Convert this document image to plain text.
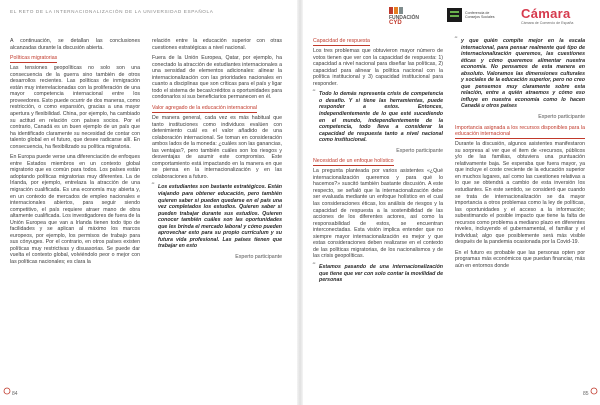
EL RETO DE LA INTERNACIONALIZACIÓN DE LA UNIVERSIDAD ESPAÑOLA

A continuación, se detallan las conclusiones alcanzadas durante la discusión abierta.

Políticas migratorias

Las tensiones geopolíticas no solo son una consecuencia de la guerra sino también de otros desarrollos recientes. Las políticas de inmigración están muy interrelacionadas con la proliferación de una mayor competencia internacional entre los proveedores. Esto puede ocurrir de dos maneras, como restricción, o como expansión, gracias a una mayor apertura y flexibilidad. China, por ejemplo, ha cambiado su actitud en relación con países socios. Por el contrario, Canadá es un buen ejemplo de un país que ha identificado claramente su necesidad de contar con talento global en el futuro, que desee radicarse allí. En consecuencia, ha flexibilizado su política migratoria.

En Europa puede verse una diferenciación de enfoques entre Estados miembros en un contexto global migratorio que es común para todos. Los países están adoptando políticas migratorias muy diferentes. La de Irlanda, por ejemplo, entrelaza la atracción de una migración cualificada. Es una economía muy abierta y, en un contexto de mercados de empleo nacionales e internacionales abiertos, para seguir siendo competitivo, el país requiere atraer mano de obra altamente cualificada. Los investigadores de fuera de la Unión Europea que van a Irlanda tienen todo tipo de facilidades y se aplican al máximo los marcos europeos, por ejemplo, los permisos de trabajo para sus cónyuges. Por el contrario, en otros países existen políticas muy restrictivas y disuasorias. Se puede dar vuelta el contexto global, volviéndolo peor o mejor con las políticas nacionales; es clara la

relación entre la educación superior con otras cuestiones estratégicas a nivel nacional.

Fuera de la Unión Europea, Qatar, por ejemplo, ha conectado la atracción de estudiantes internacionales a una sensidad de elementos adicionales: alinear la internacionalización con las prioridades nacionales en cuanto a disciplinas que son críticas para el país y ligar todo el sistema de becas/créditos a oportunidades para condonarlos si sus beneficiarios permanecen en él.

Valor agregado de la educación internacional

De manera general, cada vez es más habitual que tanto instituciones como individuos evalúen con detenimiento cuál es el valor añadido de una colaboración internacional. Se toman en consideración ambos lados de la moneda: ¿cuáles son las ganancias, las ventajas?, pero también cuáles son los riesgos y desventajas de asumir este compromiso. Este comportamiento está impactando en la manera en que se piensa en la internacionalización y en las colaboraciones a futuro.

“ Los estudiantes son bastante estratégicos. Están viajando para obtener educación, pero también quieren saber si pueden quedarse en el país una vez completados los estudios. Quieren saber si pueden trabajar durante sus estudios. Quieren conocer también cuáles son las oportunidades que les brinda el mercado laboral y cómo pueden aprovechar esto para su propio currículum y su futura vida profesional. Las países tienen que trabajar en esto

Experto participante

84
FUNDACIÓN
CYD
Conferencia de Consejos Sociales	Cámara
Cámara de Comercio de España
Capacidad de respuesta

Los tres problemas que obtuvieron mayor número de votos tienen que ver con la capacidad de respuesta: 1) capacidad a nivel nacional para diseñar las políticas, 2) capacidad para alinear la política nacional con la política institucional y 3) capacidad institucional para responder.

“ Todo lo demás representa crisis de competencia o desafío. Y si tiene las herramientas, puede responder a estos. Entonces, independientemente de lo que esté sucediendo en el mundo, independientemente de la competencia, todo lleva a considerar la capacidad de respuesta tanto a nivel nacional como institucional.

Experto participante

Necesidad de un enfoque holístico

La pregunta planteada por varios asistentes «¿Qué internacionalización queremos y para qué lo hacemos?» suscitó también bastante discusión. A este respecto, se señaló que la internacionalización debe ser evaluada mediante un enfoque holístico en el cual las consideraciones éticas, los análisis de riesgos y la capacidad de respuesta a la sostenibilidad de las acciones de los diferentes actores, así como la responsabilidad de estos, se encuentran interconectadas. Esta visión implica entender que no siempre mayor internacionalización es mejor y que estas consideraciones deben realizarse en el contexto de las políticas migratorias, de los nacionalismos y de las crisis geopolíticas.

“ Estamos pasando de una internacionalización que tiene que ver con solo contar la movilidad de personas

“ y que quién compite mejor en la escala internacional, para pensar realmente qué tipo de internacionalización queremos, las cuestiones éticas y cómo queremos alimentar nuestra economía. No pensamos de esta manera en absoluto. Valoramos las dimensiones culturales y sociales de la educación superior, pero no creo que pensemos muy claramente sobre esta relación, entre a quién atraemos y cómo eso influye en nuestra economía como lo hacen Canadá u otros países

Experto participante

Importancia asignada a los recursos disponibles para la educación internacional

Durante la discusión, algunos asistentes manifestaron su sorpresa al ver que el item de «recursos, públicos y/o de las familias, obtuviera una puntuación relativamente baja. Se esperaba que fuera mayor, ya que incluye el coste creciente de la educación superior en muchos lugares, así como las cuestiones relativas a lo que se obtendrá a cambio de esta inversión los estudiantes. En este sentido, se consideró que cuando se trata de internacionalización se da mayor importancia a otros problemas como la ley de políticas, las oportunidades y el acceso a la información; subestimando el posible impacto que tiene la falta de recursos como problema a mediano plazo en diferentes niveles, incluyendo el gubernamental, el familiar y el individual; algo que posiblemente será más visible después de la pandemia ocasionada por la Covid-19.

En el futuro es probable que las personas opten por programas más económicos que puedan financiar, más aún en entornos donde

85
